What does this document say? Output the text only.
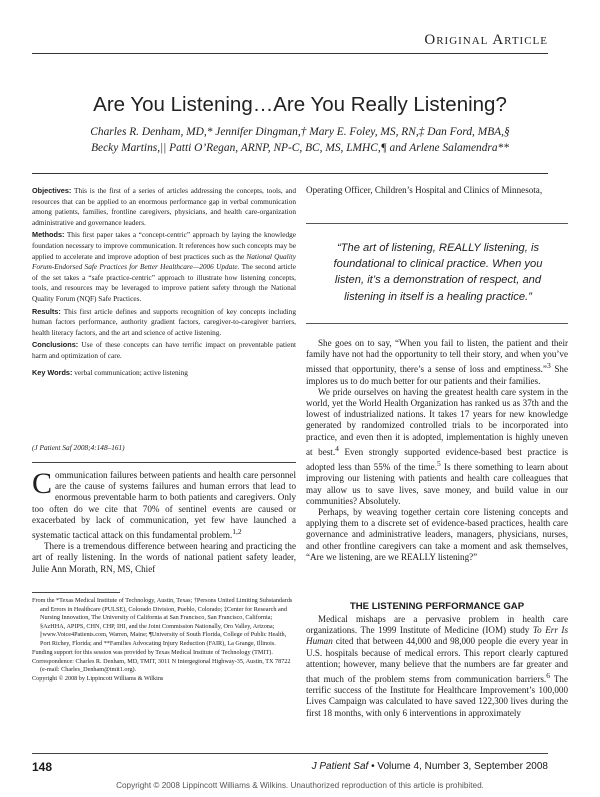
Original Article
Are You Listening…Are You Really Listening?
Charles R. Denham, MD,* Jennifer Dingman,† Mary E. Foley, MS, RN,‡ Dan Ford, MBA,§
Becky Martins,|| Patti O’Regan, ARNP, NP-C, BC, MS, LMHC,¶ and Arlene Salamendra**

Objectives: This is the first of a series of articles addressing the concepts, tools, and resources that can be applied to an enormous performance gap in verbal communication among patients, families, frontline caregivers, physicians, and health care-organization administrative and governance leaders.

Methods: This first paper takes a “concept-centric” approach by laying the knowledge foundation necessary to improve communication. It references how such concepts may be applied to accelerate and improve adoption of best practices such as the National Quality Forum-Endorsed Safe Practices for Better Healthcare—2006 Update. The second article of the set takes a “safe practice-centric” approach to illustrate how listening concepts, tools, and resources may be leveraged to improve patient safety through the National Quality Forum (NQF) Safe Practices.

Results: This first article defines and supports recognition of key concepts including human factors performance, authority gradient factors, caregiver-to-caregiver barriers, health literacy factors, and the art and science of active listening.

Conclusions: Use of these concepts can have terrific impact on preventable patient harm and optimization of care.

Key Words: verbal communication; active listening

(J Patient Saf 2008;4:148–161)

Communication failures between patients and health care personnel are the cause of systems failures and human errors that lead to enormous preventable harm to both patients and caregivers. Only too often do we cite that 70% of sentinel events are caused or exacerbated by lack of communication, yet few have launched a systematic tactical attack on this fundamental problem.$^{1,2}$

There is a tremendous difference between hearing and practicing the art of really listening. In the words of national patient safety leader, Julie Ann Morath, RN, MS, Chief

From the *Texas Medical Institute of Technology, Austin, Texas; †Persons United Limiting Substandards and Errors in Healthcare (PULSE), Colorado Division, Pueblo, Colorado; ‡Center for Research and Nursing Innovation, The University of California at San Francisco, San Francisco, California; §AzHHA, APIPS, CHN, CHP, IHI, and the Joint Commission Nationally, Oro Valley, Arizona; ||www.Voice4Patients.com, Warren, Maine; ¶University of South Florida, College of Public Health, Port Richey, Florida; and **Families Advocating Injury Reduction (FAIR), La Grange, Illinois.

Funding support for this session was provided by Texas Medical Institute of Technology (TMIT).

Correspondence: Charles R. Denham, MD, TMIT, 3011 N Intergegional Highway-35, Austin, TX 78722 (e-mail: Charles_Denham@tmit1.org).

Copyright © 2008 by Lippincott Williams & Wilkins

Operating Officer, Children’s Hospital and Clinics of Minnesota,

“The art of listening, REALLY listening, is foundational to clinical practice. When you listen, it’s a demonstration of respect, and listening in itself is a healing practice.”

She goes on to say, “When you fail to listen, the patient and their family have not had the opportunity to tell their story, and when you’ve missed that opportunity, there’s a sense of loss and emptiness.”$^3$ She implores us to do much better for our patients and their families.

We pride ourselves on having the greatest health care system in the world, yet the World Health Organization has ranked us as 37th and the lowest of industrialized nations. It takes 17 years for new knowledge generated by randomized controlled trials to be incorporated into practice, and even then it is adopted, implementation is highly uneven at best.$^4$ Even strongly supported evidence-based best practice is adopted less than 55% of the time.$^5$ Is there something to learn about improving our listening with patients and health care colleagues that may allow us to save lives, save money, and build value in our communities? Absolutely.

Perhaps, by weaving together certain core listening concepts and applying them to a discrete set of evidence-based practices, health care governance and administrative leaders, managers, physicians, nurses, and other frontline caregivers can take a moment and ask themselves, “Are we listening, are we REALLY listening?”

THE LISTENING PERFORMANCE GAP

Medical mishaps are a pervasive problem in health care organizations. The 1999 Institute of Medicine (IOM) study To Err Is Human cited that between 44,000 and 98,000 people die every year in U.S. hospitals because of medical errors. This report clearly captured attention; however, many believe that the numbers are far greater and that much of the problem stems from communication barriers.$^6$ The terrific success of the Institute for Healthcare Improvement’s 100,000 Lives Campaign was calculated to have saved 122,300 lives during the first 18 months, with only 6 interventions in approximately

148	J Patient Saf • Volume 4, Number 3, September 2008
Copyright © 2008 Lippincott Williams & Wilkins. Unauthorized reproduction of this article is prohibited.
